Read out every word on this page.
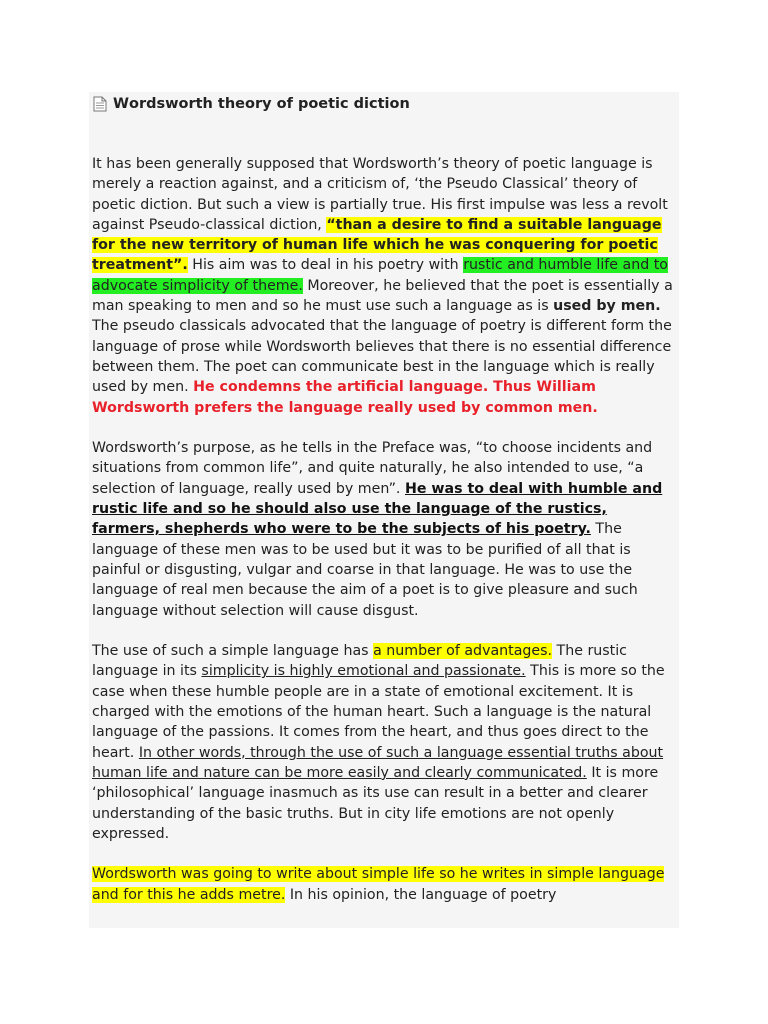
W ordsworth theory of poetic diction

It has been generally supposed that Wordsworth’s theory of poetic language is merely a reaction against, and a criticism of, ‘the Pseudo Classical’ theory of poetic diction. But such a view is partially true. His first impulse was less a revolt against Pseudo-classical diction, “than a desire to find a suitable language for the new territory of human life which he was conquering for poetic treatment”. His aim was to deal in his poetry with rustic and humble life and to advocate simplicity of theme. Moreover, he believed that the poet is essentially a man speaking to men and so he must use such a language as is used by men. The pseudo classicals advocated that the language of poetry is different form the language of prose while Wordsworth believes that there is no essential difference between them. The poet can communicate best in the language which is really used by men. He condemns the artificial language. Thus William Wordsworth prefers the language really used by common men.

Wordsworth’s purpose, as he tells in the Preface was, “to choose incidents and situations from common life”, and quite naturally, he also intended to use, “a selection of language, really used by men”. He was to deal with humble and rustic life and so he should also use the language of the rustics, farmers, shepherds who were to be the subjects of his poetry. The language of these men was to be used but it was to be purified of all that is painful or disgusting, vulgar and coarse in that language. He was to use the language of real men because the aim of a poet is to give pleasure and such language without selection will cause disgust.

The use of such a simple language has a number of advantages. The rustic language in its simplicity is highly emotional and passionate. This is more so the case when these humble people are in a state of emotional excitement. It is charged with the emotions of the human heart. Such a language is the natural language of the passions. It comes from the heart, and thus goes direct to the heart. In other words, through the use of such a language essential truths about human life and nature can be more easily and clearly communicated. It is more ‘philosophical’ language inasmuch as its use can result in a better and clearer understanding of the basic truths. But in city life emotions are not openly expressed.

Wordsworth was going to write about simple life so he writes in simple language and for this he adds metre. In his opinion, the language of poetry
